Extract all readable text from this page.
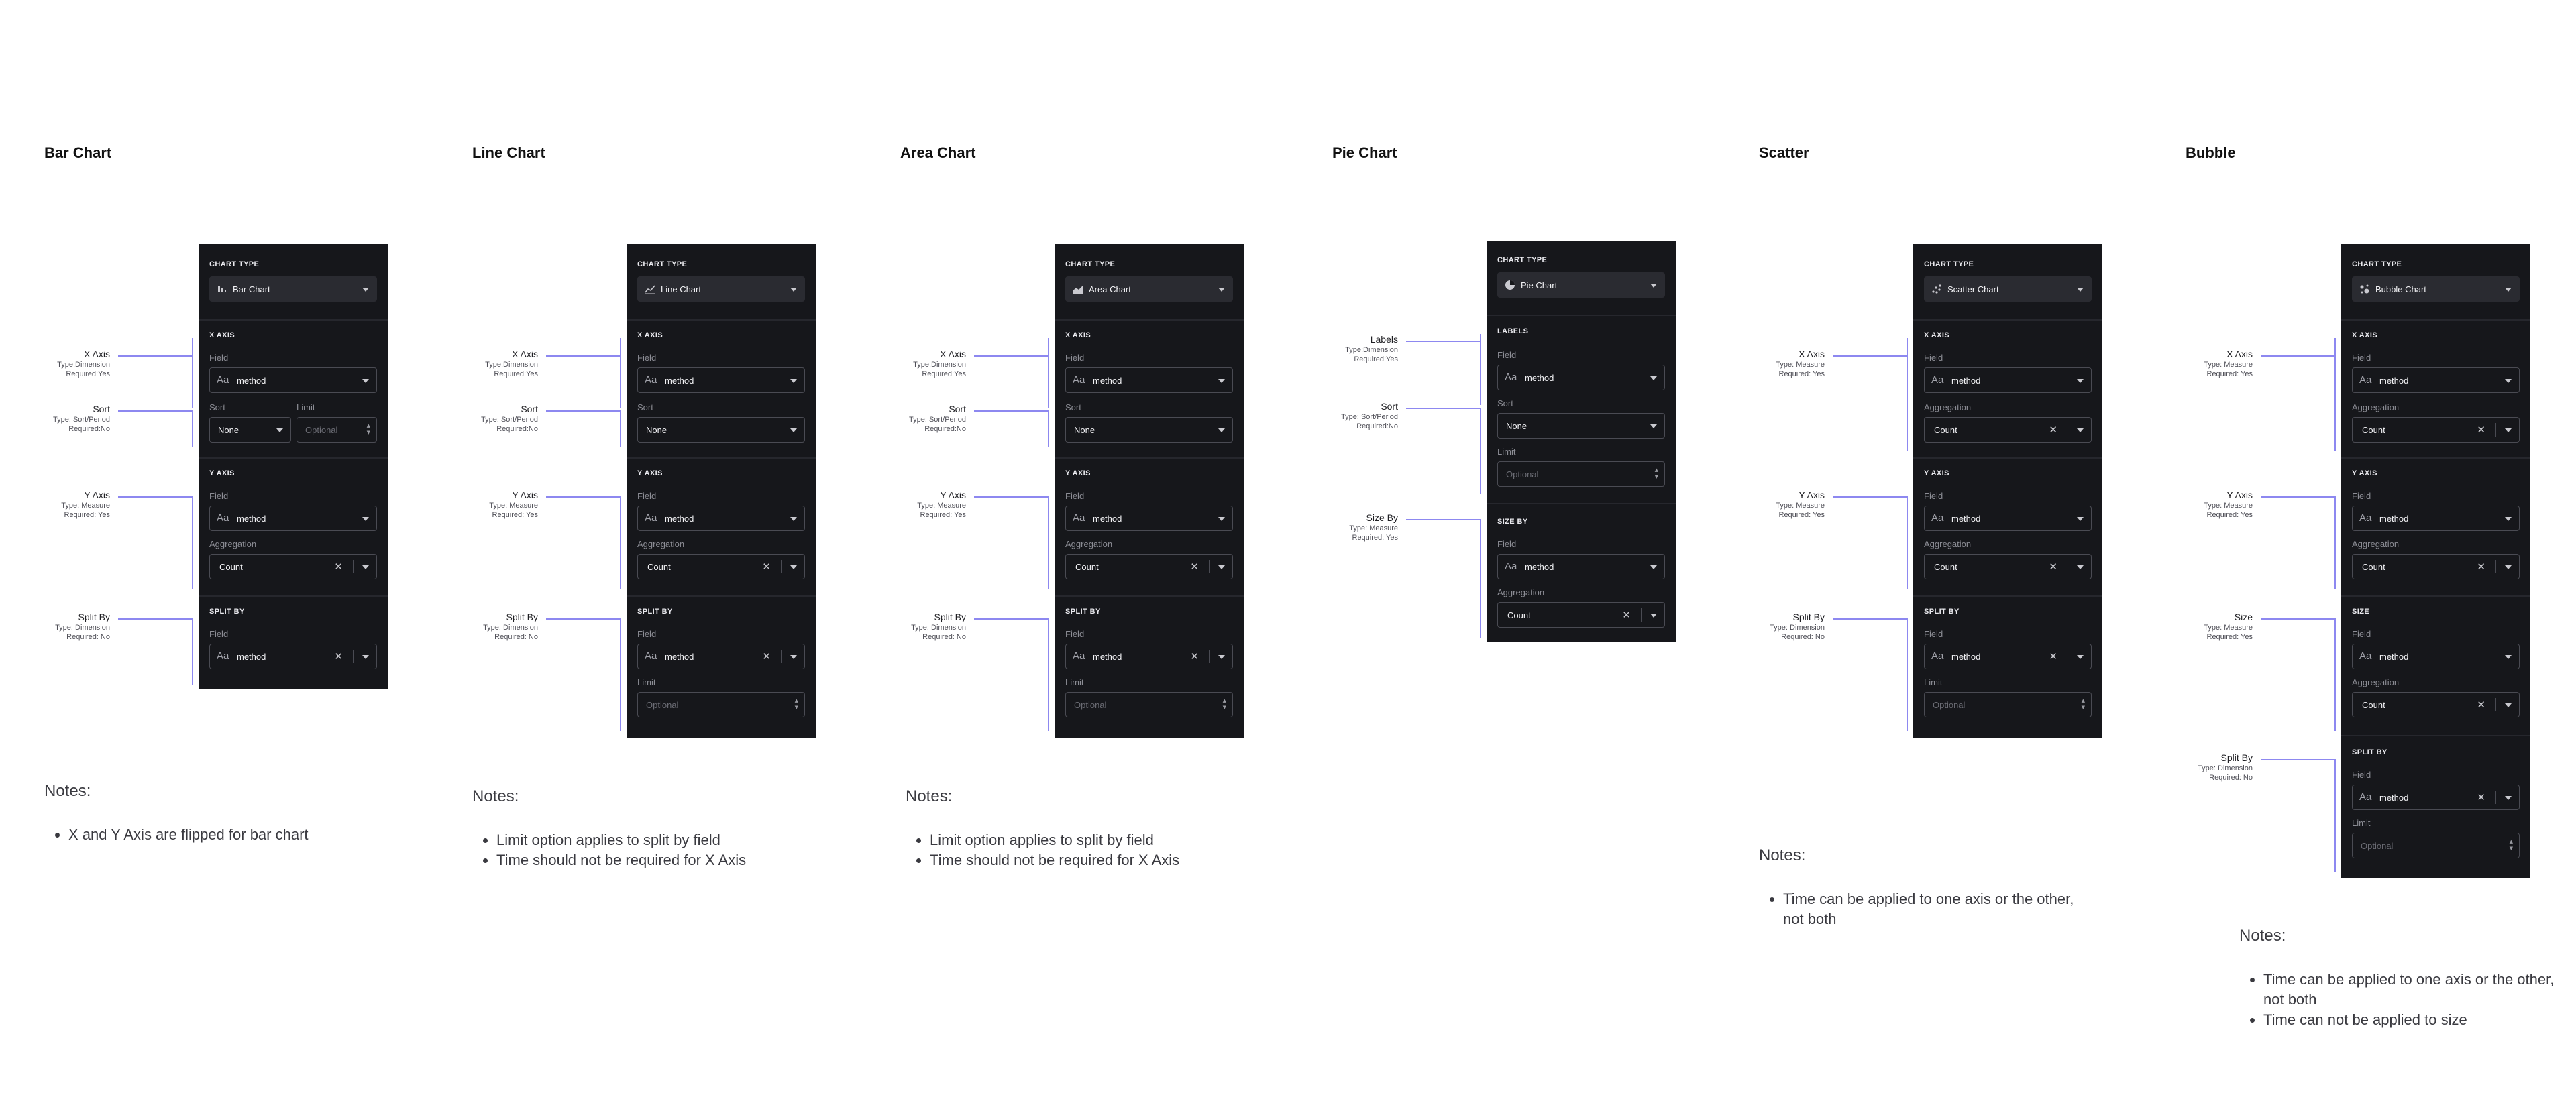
Bar Chart
CHART TYPE
Bar Chart
X AXIS
Field
Aa method
Sort	Limit
None	Optional	▲
▼
Y AXIS
Field
Aa method
Aggregation
Count	✕
SPLIT BY
Field
Aa method	✕
X Axis
Type:Dimension
Required:Yes
Sort
Type: Sort/Period
Required:No
Y Axis
Type: Measure
Required: Yes
Split By
Type: Dimension
Required: No
Notes:
• X and Y Axis are flipped for bar chart
Line Chart
CHART TYPE
Line Chart
X AXIS
Field
Aa method
Sort
None
Y AXIS
Field
Aa method
Aggregation
Count	✕
SPLIT BY
Field
Aa method	✕
Limit
Optional	▲
▼
X Axis
Type:Dimension
Required:Yes
Sort
Type: Sort/Period
Required:No
Y Axis
Type: Measure
Required: Yes
Split By
Type: Dimension
Required: No
Notes:
• Limit option applies to split by field
• Time should not be required for X Axis
Area Chart
CHART TYPE
Area Chart
X AXIS
Field
Aa method
Sort
None
Y AXIS
Field
Aa method
Aggregation
Count	✕
SPLIT BY
Field
Aa method	✕
Limit
Optional	▲
▼
X Axis
Type:Dimension
Required:Yes
Sort
Type: Sort/Period
Required:No
Y Axis
Type: Measure
Required: Yes
Split By
Type: Dimension
Required: No
Notes:
• Limit option applies to split by field
• Time should not be required for X Axis
Pie Chart
CHART TYPE
Pie Chart
LABELS
Field
Aa method
Sort
None
Limit
Optional	▲
▼
SIZE BY
Field
Aa method
Aggregation
Count	✕
Labels
Type:Dimension
Required:Yes
Sort
Type: Sort/Period
Required:No
Size By
Type: Measure
Required: Yes
Scatter
CHART TYPE
Scatter Chart
X AXIS
Field
Aa method
Aggregation
Count	✕
Y AXIS
Field
Aa method
Aggregation
Count	✕
SPLIT BY
Field
Aa method	✕
Limit
Optional	▲
▼
X Axis
Type: Measure
Required: Yes
Y Axis
Type: Measure
Required: Yes
Split By
Type: Dimension
Required: No
Notes:
• Time can be applied to one axis or the other, not both
Bubble
CHART TYPE
Bubble Chart
X AXIS
Field
Aa method
Aggregation
Count	✕
Y AXIS
Field
Aa method
Aggregation
Count	✕
SIZE
Field
Aa method
Aggregation
Count	✕
SPLIT BY
Field
Aa method	✕
Limit
Optional	▲
▼
X Axis
Type: Measure
Required: Yes
Y Axis
Type: Measure
Required: Yes
Size
Type: Measure
Required: Yes
Split By
Type: Dimension
Required: No
Notes:
• Time can be applied to one axis or the other, not both
• Time can not be applied to size
